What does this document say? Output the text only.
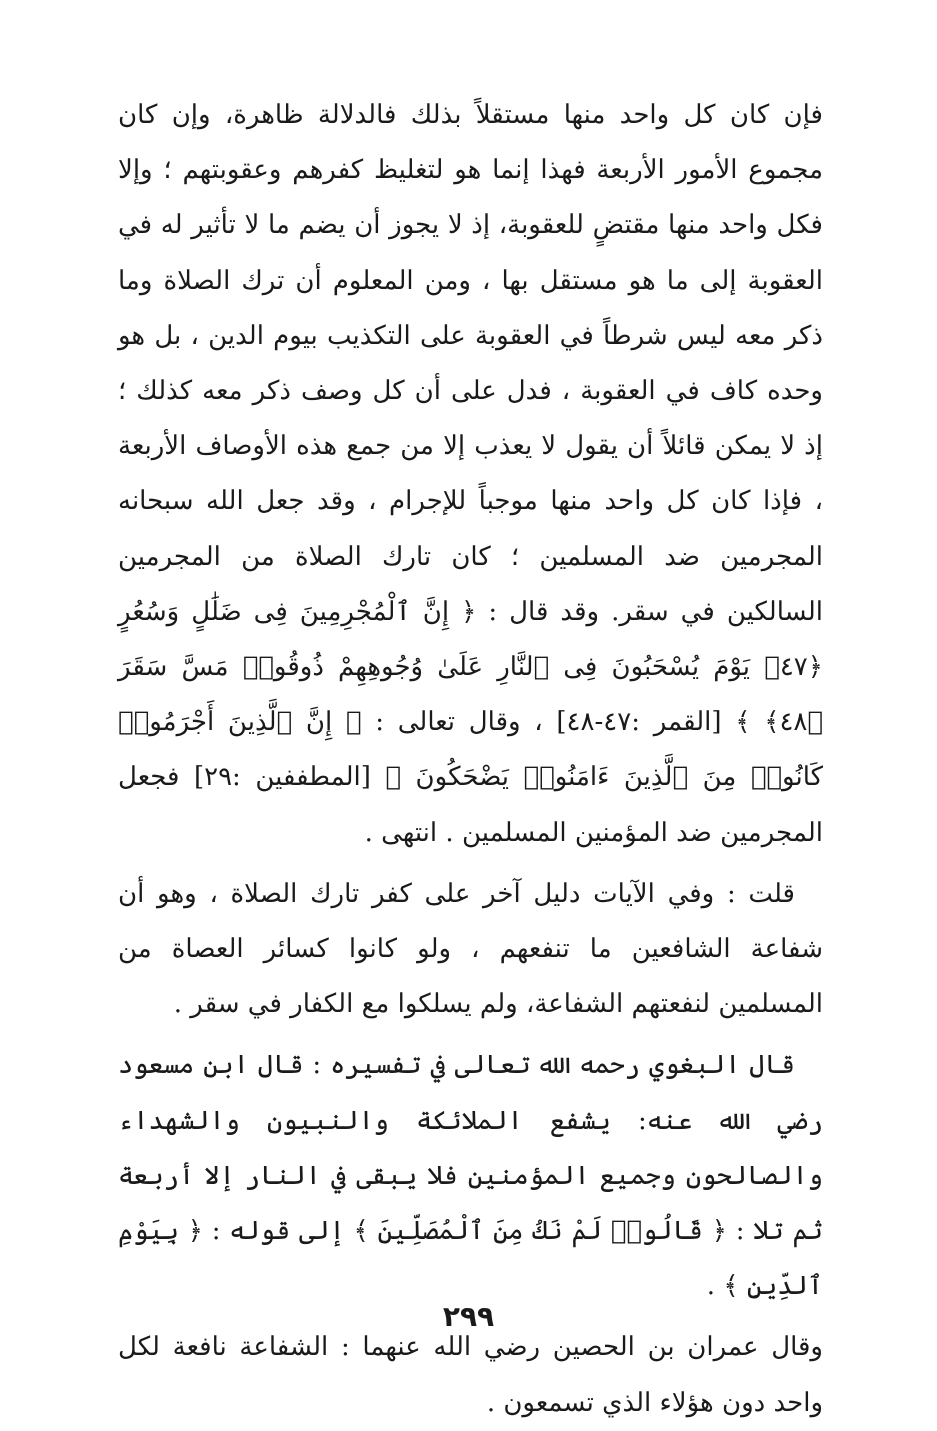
فإن كان كل واحد منها مستقلاً بذلك فالدلالة ظاهرة، وإن كان مجموع الأمور الأربعة فهذا إنما هو لتغليظ كفرهم وعقوبتهم ؛ وإلا فكل واحد منها مقتضٍ للعقوبة، إذ لا يجوز أن يضم ما لا تأثير له في العقوبة إلى ما هو مستقل بها ، ومن المعلوم أن ترك الصلاة وما ذكر معه ليس شرطاً في العقوبة على التكذيب بيوم الدين ، بل هو وحده كاف في العقوبة ، فدل على أن كل وصف ذكر معه كذلك ؛ إذ لا يمكن قائلاً أن يقول لا يعذب إلا من جمع هذه الأوصاف الأربعة ، فإذا كان كل واحد منها موجباً للإجرام ، وقد جعل الله سبحانه المجرمين ضد المسلمين ؛ كان تارك الصلاة من المجرمين السالكين في سقر. وقد قال : ﴿ إِنَّ ٱلْمُجْرِمِينَ فِى ضَلَٰلٍ وَسُعُرٍ ﴿٤٧﴾ يَوْمَ يُسْحَبُونَ فِى ٱلنَّارِ عَلَىٰ وُجُوهِهِمْ ذُوقُوا۟ مَسَّ سَقَرَ ﴿٤٨﴾ ﴾ [القمر :٤٧-٤٨] ، وقال تعالى : ﴿ إِنَّ ٱلَّذِينَ أَجْرَمُوا۟ كَانُوا۟ مِنَ ٱلَّذِينَ ءَامَنُوا۟ يَضْحَكُونَ ﴾ [المطففين :٢٩] فجعل المجرمين ضد المؤمنين المسلمين . انتهى .

قلت : وفي الآيات دليل آخر على كفر تارك الصلاة ، وهو أن شفاعة الشافعين ما تنفعهم ، ولو كانوا كسائر العصاة من المسلمين لنفعتهم الشفاعة، ولم يسلكوا مع الكفار في سقر .

قال البغوي رحمه الله تعالى في تفسيره : قال ابن مسعود رضي الله عنه: يشفع الملائكة والنبيون والشهداء والصالحون وجميع المؤمنين فلا يبقى في النار إلا أربعة ثم تلا : ﴿ قَالُوا۟ لَمْ نَكُ مِنَ ٱلْمُصَلِّينَ ﴾ إلى قوله : ﴿ بِيَوْمِ ٱلدِّينِ ﴾ .

وقال عمران بن الحصين رضي الله عنهما : الشفاعة نافعة لكل واحد دون هؤلاء الذي تسمعون .

٢٩٩
